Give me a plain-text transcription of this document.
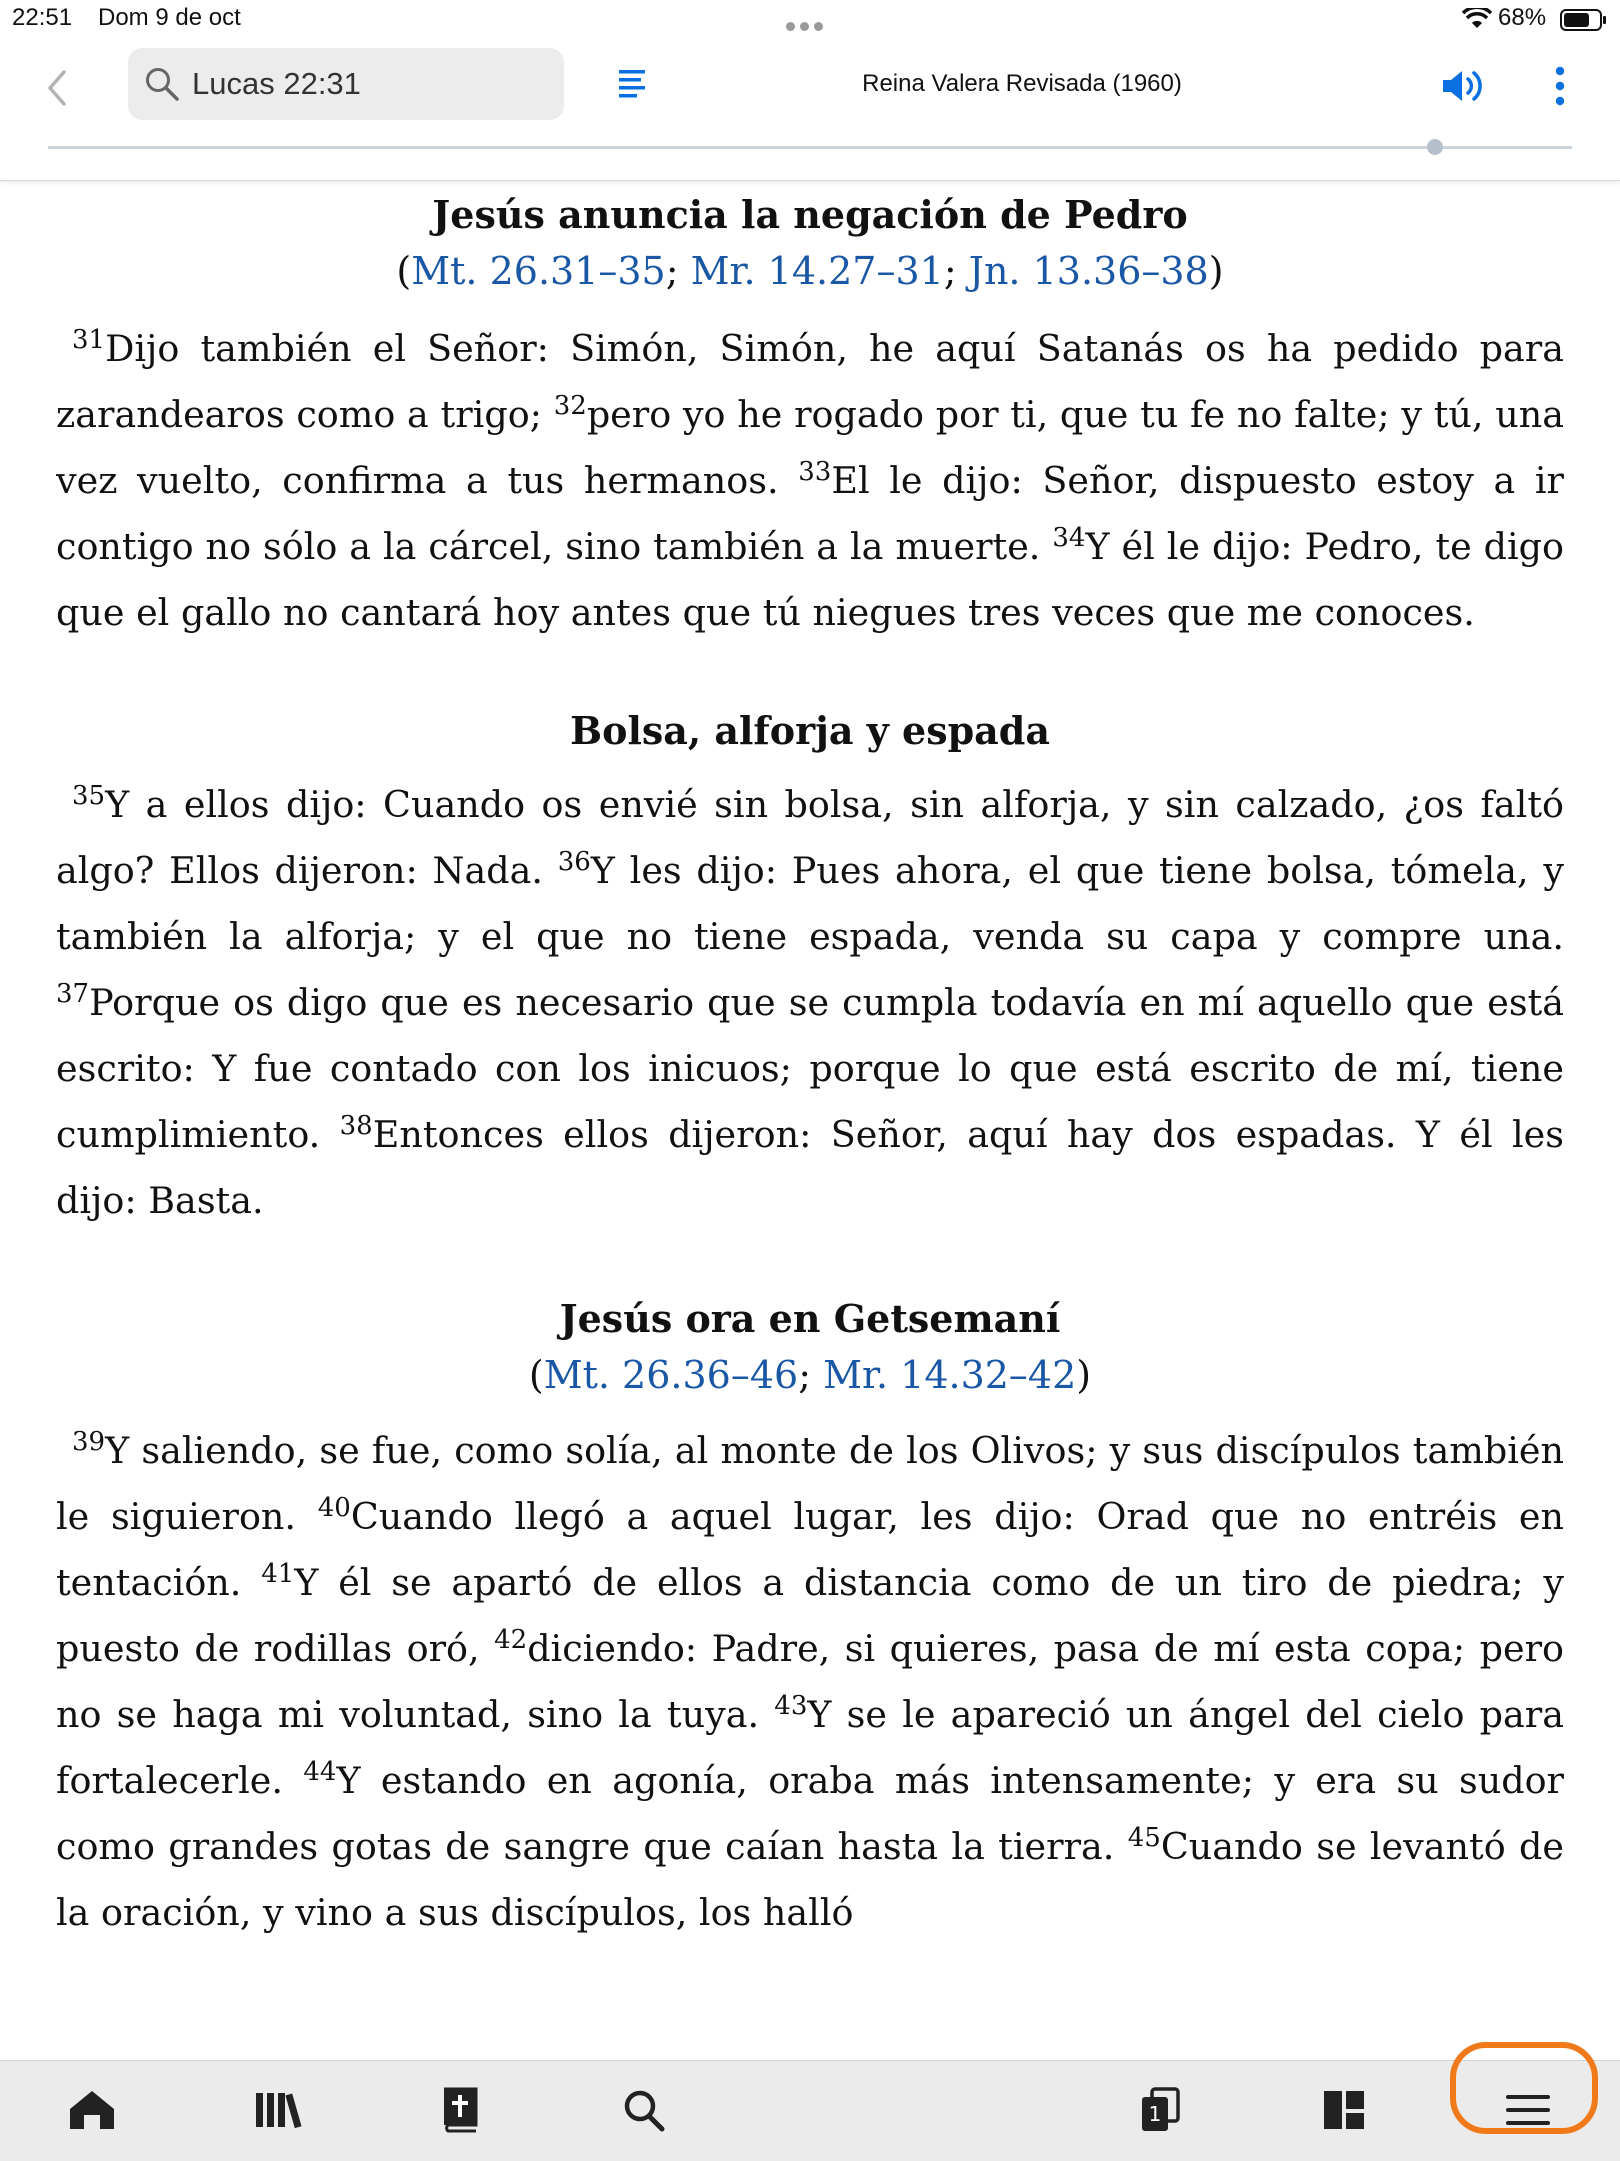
22:51 Dom 9 de oct	68%
Lucas 22:31	Reina Valera Revisada (1960)

Jesús anuncia la negación de Pedro

(Mt. 26.31–35; Mr. 14.27–31; Jn. 13.36–38)

$^{31}$Dijo también el Señor: Simón, Simón, he aquí Satanás os ha pedido para zarandearos como a trigo; $^{32}$pero yo he rogado por ti, que tu fe no falte; y tú, una vez vuelto, confirma a tus hermanos. $^{33}$El le dijo: Señor, dispuesto estoy a ir contigo no sólo a la cárcel, sino también a la muerte. $^{34}$Y él le dijo: Pedro, te digo que el gallo no cantará hoy antes que tú niegues tres veces que me conoces.

Bolsa, alforja y espada

$^{35}$Y a ellos dijo: Cuando os envié sin bolsa, sin alforja, y sin calzado, ¿os faltó algo? Ellos dijeron: Nada. $^{36}$Y les dijo: Pues ahora, el que tiene bolsa, tómela, y también la alforja; y el que no tiene espada, venda su capa y compre una. $^{37}$Porque os digo que es necesario que se cumpla todavía en mí aquello que está escrito: Y fue contado con los inicuos; porque lo que está escrito de mí, tiene cumplimiento. $^{38}$Entonces ellos dijeron: Señor, aquí hay dos espadas. Y él les dijo: Basta.

Jesús ora en Getsemaní

(Mt. 26.36–46; Mr. 14.32–42)

$^{39}$Y saliendo, se fue, como solía, al monte de los Olivos; y sus discípulos también le siguieron. $^{40}$Cuando llegó a aquel lugar, les dijo: Orad que no entréis en tentación. $^{41}$Y él se apartó de ellos a distancia como de un tiro de piedra; y puesto de rodillas oró, $^{42}$diciendo: Padre, si quieres, pasa de mí esta copa; pero no se haga mi voluntad, sino la tuya. $^{43}$Y se le apareció un ángel del cielo para fortalecerle. $^{44}$Y estando en agonía, oraba más intensamente; y era su sudor como grandes gotas de sangre que caían hasta la tierra. $^{45}$Cuando se levantó de la oración, y vino a sus discípulos, los halló

1
